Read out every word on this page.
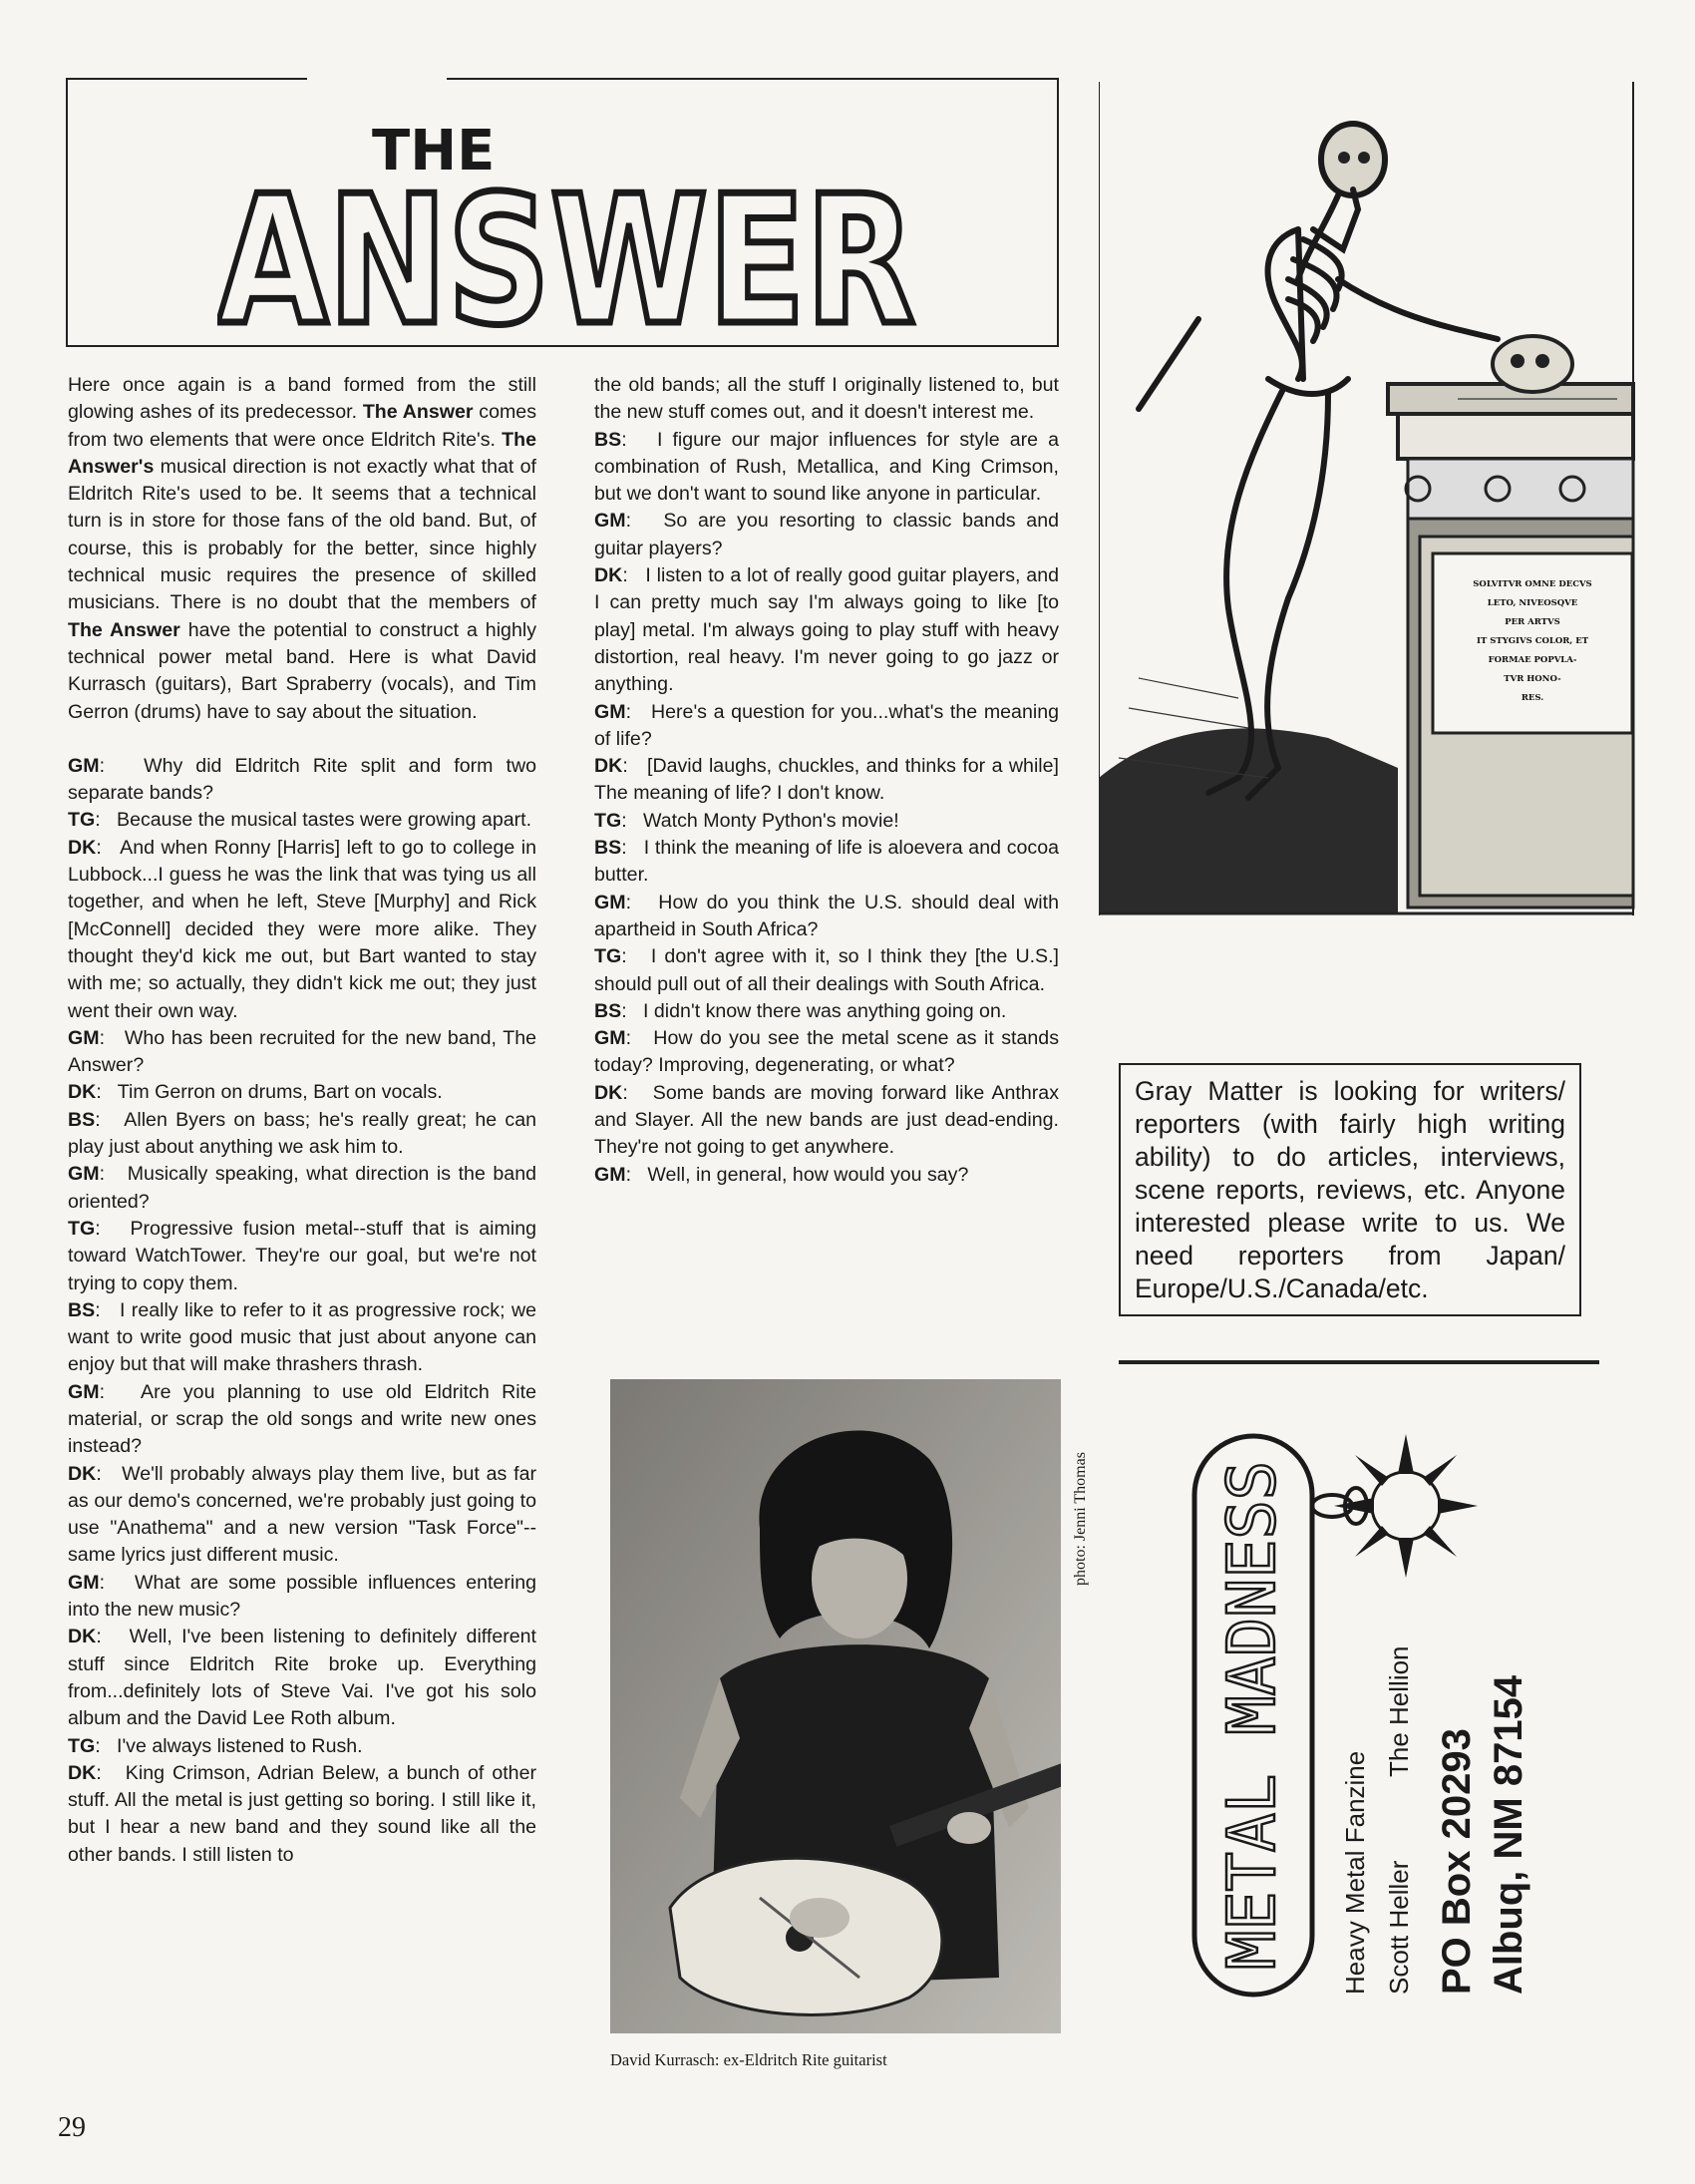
THE
ANSWER

Here once again is a band formed from the still glowing ashes of its predecessor. The Answer comes from two elements that were once Eldritch Rite's. The Answer's musical direction is not exactly what that of Eldritch Rite's used to be. It seems that a technical turn is in store for those fans of the old band. But, of course, this is probably for the better, since highly technical music requires the presence of skilled musicians. There is no doubt that the members of The Answer have the potential to construct a highly technical power metal band. Here is what David Kurrasch (guitars), Bart Spraberry (vocals), and Tim Gerron (drums) have to say about the situation.

GM:   Why did Eldritch Rite split and form two separate bands?

TG:   Because the musical tastes were growing apart.

DK:   And when Ronny [Harris] left to go to college in Lubbock...I guess he was the link that was tying us all together, and when he left, Steve [Murphy] and Rick [McConnell] decided they were more alike. They thought they'd kick me out, but Bart wanted to stay with me; so actually, they didn't kick me out; they just went their own way.

GM:   Who has been recruited for the new band, The Answer?

DK:   Tim Gerron on drums, Bart on vocals.

BS:   Allen Byers on bass; he's really great; he can play just about anything we ask him to.

GM:   Musically speaking, what direction is the band oriented?

TG:   Progressive fusion metal--stuff that is aiming toward WatchTower. They're our goal, but we're not trying to copy them.

BS:   I really like to refer to it as progressive rock; we want to write good music that just about anyone can enjoy but that will make thrashers thrash.

GM:   Are you planning to use old Eldritch Rite material, or scrap the old songs and write new ones instead?

DK:   We'll probably always play them live, but as far as our demo's concerned, we're probably just going to use "Anathema" and a new version "Task Force"--same lyrics just different music.

GM:   What are some possible influences entering into the new music?

DK:   Well, I've been listening to definitely different stuff since Eldritch Rite broke up. Everything from...definitely lots of Steve Vai. I've got his solo album and the David Lee Roth album.

TG:   I've always listened to Rush.

DK:   King Crimson, Adrian Belew, a bunch of other stuff. All the metal is just getting so boring. I still like it, but I hear a new band and they sound like all the other bands. I still listen to

the old bands; all the stuff I originally listened to, but the new stuff comes out, and it doesn't interest me.

BS:   I figure our major influences for style are a combination of Rush, Metallica, and King Crimson, but we don't want to sound like anyone in particular.

GM:   So are you resorting to classic bands and guitar players?

DK:   I listen to a lot of really good guitar players, and I can pretty much say I'm always going to like [to play] metal. I'm always going to play stuff with heavy distortion, real heavy. I'm never going to go jazz or anything.

GM:   Here's a question for you...what's the meaning of life?

DK:   [David laughs, chuckles, and thinks for a while] The meaning of life? I don't know.

TG:   Watch Monty Python's movie!

BS:   I think the meaning of life is aloevera and cocoa butter.

GM:   How do you think the U.S. should deal with apartheid in South Africa?

TG:   I don't agree with it, so I think they [the U.S.] should pull out of all their dealings with South Africa.

BS:   I didn't know there was anything going on.

GM:   How do you see the metal scene as it stands today? Improving, degenerating, or what?

DK:   Some bands are moving forward like Anthrax and Slayer. All the new bands are just dead-ending. They're not going to get anywhere.

GM:   Well, in general, how would you say?

SOLVITVR OMNE DECVS
LETO, NIVEOSQVE
PER ARTVS
IT STYGIVS COLOR, ET
FORMAE POPVLA-
TVR HONO-
RES.
Gray Matter is looking for writers/ reporters (with fairly high writing ability) to do articles, interviews, scene reports, reviews, etc. Anyone interested please write to us. We need reporters from Japan/ Europe/U.S./Canada/etc.
photo: Jenni Thomas
David Kurrasch: ex-Eldritch Rite guitarist
METAL MADNESS Heavy Metal Fanzine Scott Heller
The Hellion
PO Box 20293 Albuq, NM 87154
29
